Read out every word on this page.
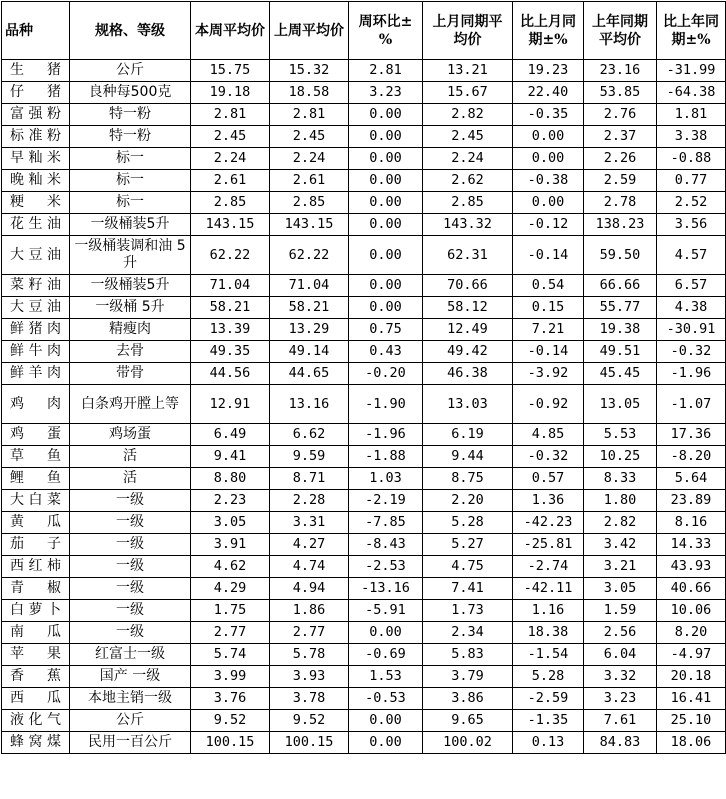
品种	规格、等级	本周平均价	上周平均价	周环比±%	上月同期平均价	比上月同期±%	上年同期平均价	比上年同期±%
生猪	公斤	15.75	15.32	2.81	13.21	19.23	23.16	-31.99
仔猪	良种每500克	19.18	18.58	3.23	15.67	22.40	53.85	-64.38
富强粉	特一粉	2.81	2.81	0.00	2.82	-0.35	2.76	1.81
标准粉	特一粉	2.45	2.45	0.00	2.45	0.00	2.37	3.38
早籼米	标一	2.24	2.24	0.00	2.24	0.00	2.26	-0.88
晚籼米	标一	2.61	2.61	0.00	2.62	-0.38	2.59	0.77
粳米	标一	2.85	2.85	0.00	2.85	0.00	2.78	2.52
花生油	一级桶装5升	143.15	143.15	0.00	143.32	-0.12	138.23	3.56
大豆油	一级桶装调和油 5升	62.22	62.22	0.00	62.31	-0.14	59.50	4.57
菜籽油	一级桶装5升	71.04	71.04	0.00	70.66	0.54	66.66	6.57
大豆油	一级桶 5升	58.21	58.21	0.00	58.12	0.15	55.77	4.38
鲜猪肉	精瘦肉	13.39	13.29	0.75	12.49	7.21	19.38	-30.91
鲜牛肉	去骨	49.35	49.14	0.43	49.42	-0.14	49.51	-0.32
鲜羊肉	带骨	44.56	44.65	-0.20	46.38	-3.92	45.45	-1.96
鸡肉	白条鸡开膛上等	12.91	13.16	-1.90	13.03	-0.92	13.05	-1.07
鸡蛋	鸡场蛋	6.49	6.62	-1.96	6.19	4.85	5.53	17.36
草鱼	活	9.41	9.59	-1.88	9.44	-0.32	10.25	-8.20
鲤鱼	活	8.80	8.71	1.03	8.75	0.57	8.33	5.64
大白菜	一级	2.23	2.28	-2.19	2.20	1.36	1.80	23.89
黄瓜	一级	3.05	3.31	-7.85	5.28	-42.23	2.82	8.16
茄子	一级	3.91	4.27	-8.43	5.27	-25.81	3.42	14.33
西红柿	一级	4.62	4.74	-2.53	4.75	-2.74	3.21	43.93
青椒	一级	4.29	4.94	-13.16	7.41	-42.11	3.05	40.66
白萝卜	一级	1.75	1.86	-5.91	1.73	1.16	1.59	10.06
南瓜	一级	2.77	2.77	0.00	2.34	18.38	2.56	8.20
苹果	红富士一级	5.74	5.78	-0.69	5.83	-1.54	6.04	-4.97
香蕉	国产 一级	3.99	3.93	1.53	3.79	5.28	3.32	20.18
西瓜	本地主销一级	3.76	3.78	-0.53	3.86	-2.59	3.23	16.41
液化气	公斤	9.52	9.52	0.00	9.65	-1.35	7.61	25.10
蜂窝煤	民用一百公斤	100.15	100.15	0.00	100.02	0.13	84.83	18.06
